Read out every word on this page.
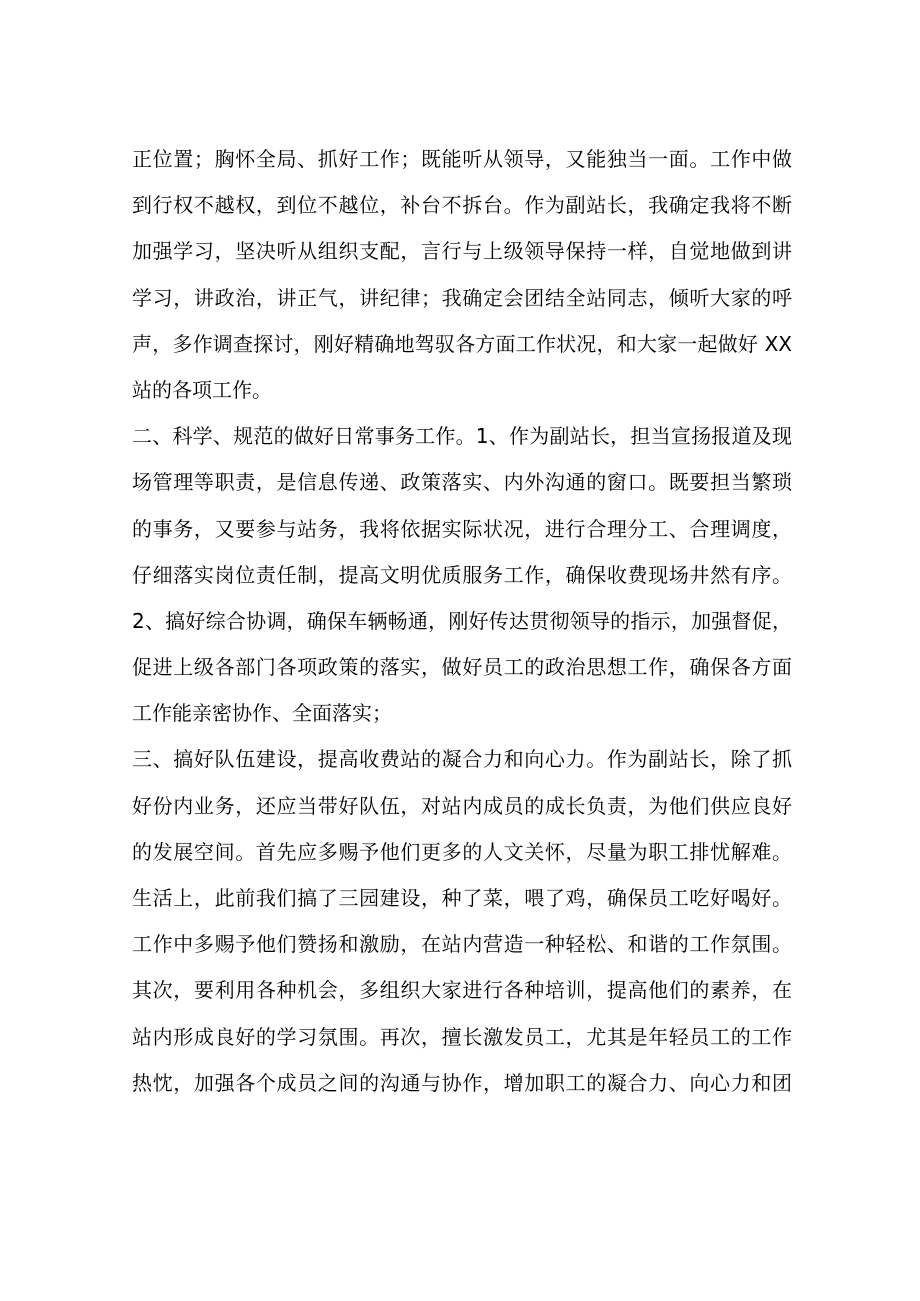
正位置；胸怀全局、抓好工作；既能听从领导，又能独当一面。工作中做
到行权不越权，到位不越位，补台不拆台。作为副站长，我确定我将不断
加强学习，坚决听从组织支配，言行与上级领导保持一样，自觉地做到讲
学习，讲政治，讲正气，讲纪律；我确定会团结全站同志，倾听大家的呼
声，多作调查探讨，刚好精确地驾驭各方面工作状况，和大家一起做好 XX
站的各项工作。
二、科学、规范的做好日常事务工作。1、作为副站长，担当宣扬报道及现
场管理等职责，是信息传递、政策落实、内外沟通的窗口。既要担当繁琐
的事务，又要参与站务，我将依据实际状况，进行合理分工、合理调度，
仔细落实岗位责任制，提高文明优质服务工作，确保收费现场井然有序。
2、搞好综合协调，确保车辆畅通，刚好传达贯彻领导的指示，加强督促，
促进上级各部门各项政策的落实，做好员工的政治思想工作，确保各方面
工作能亲密协作、全面落实；
三、搞好队伍建设，提高收费站的凝合力和向心力。作为副站长，除了抓
好份内业务，还应当带好队伍，对站内成员的成长负责，为他们供应良好
的发展空间。首先应多赐予他们更多的人文关怀，尽量为职工排忧解难。
生活上，此前我们搞了三园建设，种了菜，喂了鸡，确保员工吃好喝好。
工作中多赐予他们赞扬和激励，在站内营造一种轻松、和谐的工作氛围。
其次，要利用各种机会，多组织大家进行各种培训，提高他们的素养，在
站内形成良好的学习氛围。再次，擅长激发员工，尤其是年轻员工的工作
热忱，加强各个成员之间的沟通与协作，增加职工的凝合力、向心力和团
